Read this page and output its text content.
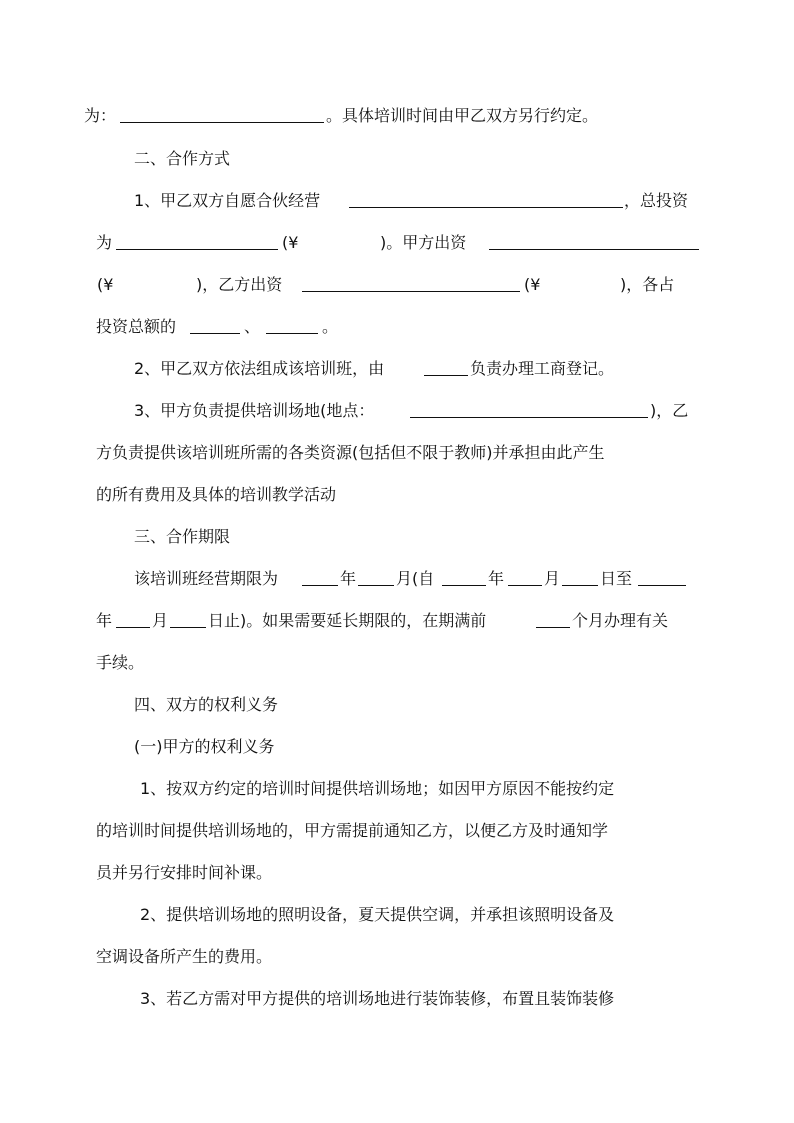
为：	。具体培训时间由甲乙双方另行约定。
二、合作方式
1、甲乙双方自愿合伙经营	，总投资
为	(¥	)。甲方出资
(¥	)，乙方出资	(¥	)，各占
投资总额的	、	。
2、甲乙双方依法组成该培训班，由	负责办理工商登记。
3、甲方负责提供培训场地(地点：	)，乙
方负责提供该培训班所需的各类资源(包括但不限于教师)并承担由此产生
的所有费用及具体的培训教学活动
三、合作期限
该培训班经营期限为	年 月(自	年 月 日至
年 月 日止)。如果需要延长期限的，在期满前	个月办理有关
手续。
四、双方的权利义务
(一)甲方的权利义务
1、按双方约定的培训时间提供培训场地；如因甲方原因不能按约定
的培训时间提供培训场地的，甲方需提前通知乙方，以便乙方及时通知学
员并另行安排时间补课。
2、提供培训场地的照明设备，夏天提供空调，并承担该照明设备及
空调设备所产生的费用。
3、若乙方需对甲方提供的培训场地进行装饰装修，布置且装饰装修
